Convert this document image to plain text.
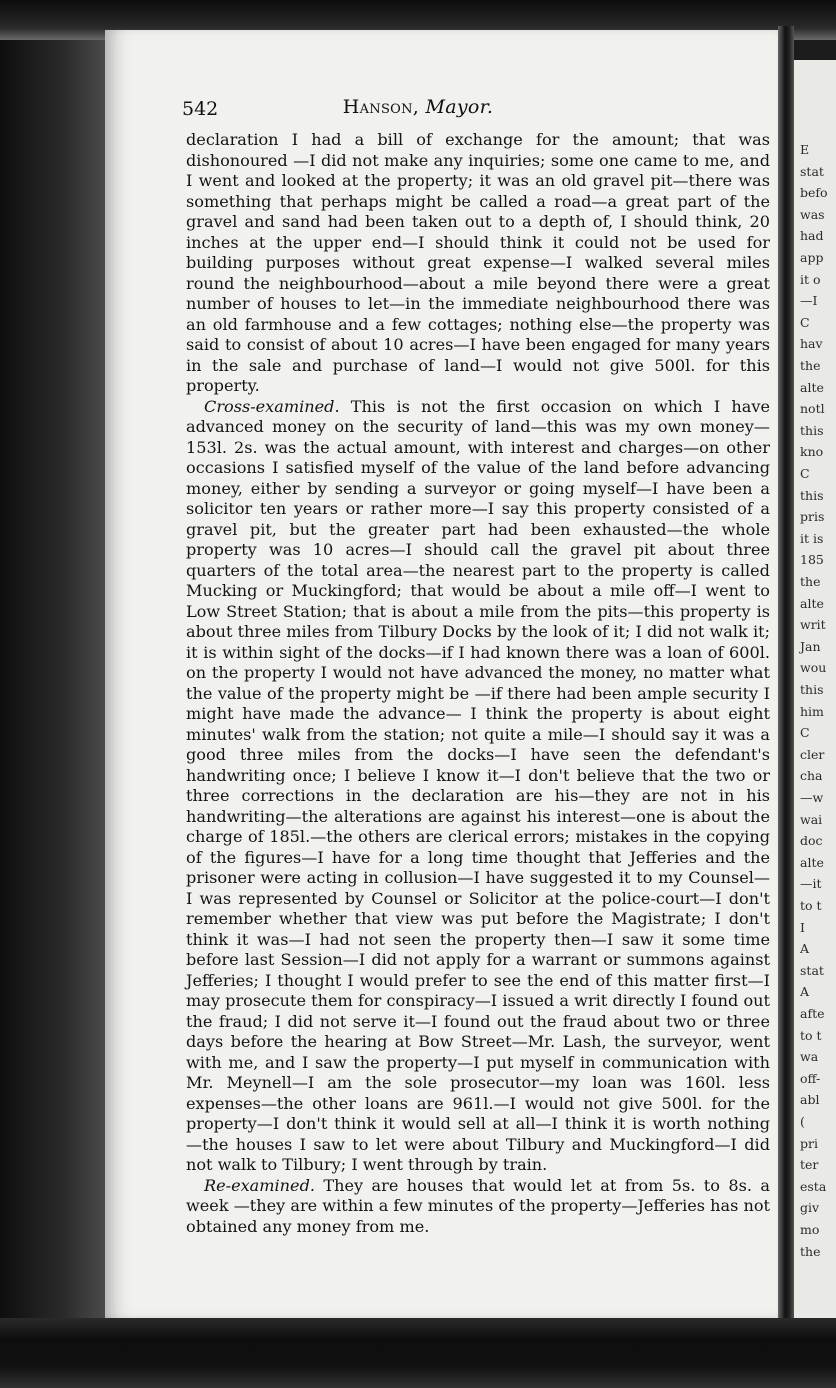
542	Hanson, Mayor.

declaration I had a bill of exchange for the amount; that was dishonoured —I did not make any inquiries; some one came to me, and I went and looked at the property; it was an old gravel pit—there was something that perhaps might be called a road—a great part of the gravel and sand had been taken out to a depth of, I should think, 20 inches at the upper end—I should think it could not be used for building purposes without great expense—I walked several miles round the neighbourhood—about a mile beyond there were a great number of houses to let—in the immediate neighbourhood there was an old farmhouse and a few cottages; nothing else—the property was said to consist of about 10 acres—I have been engaged for many years in the sale and purchase of land—I would not give 500l. for this property.

Cross-examined. This is not the first occasion on which I have advanced money on the security of land—this was my own money—153l. 2s. was the actual amount, with interest and charges—on other occasions I satisfied myself of the value of the land before advancing money, either by sending a surveyor or going myself—I have been a solicitor ten years or rather more—I say this property consisted of a gravel pit, but the greater part had been exhausted—the whole property was 10 acres—I should call the gravel pit about three quarters of the total area—the nearest part to the property is called Mucking or Muckingford; that would be about a mile off—I went to Low Street Station; that is about a mile from the pits—this property is about three miles from Tilbury Docks by the look of it; I did not walk it; it is within sight of the docks—if I had known there was a loan of 600l. on the property I would not have advanced the money, no matter what the value of the property might be —if there had been ample security I might have made the advance— I think the property is about eight minutes' walk from the station; not quite a mile—I should say it was a good three miles from the docks—I have seen the defendant's handwriting once; I believe I know it—I don't believe that the two or three corrections in the declaration are his—they are not in his handwriting—the alterations are against his interest—one is about the charge of 185l.—the others are clerical errors; mistakes in the copying of the figures—I have for a long time thought that Jefferies and the prisoner were acting in collusion—I have suggested it to my Counsel—I was represented by Counsel or Solicitor at the police-court—I don't remember whether that view was put before the Magistrate; I don't think it was—I had not seen the property then—I saw it some time before last Session—I did not apply for a warrant or summons against Jefferies; I thought I would prefer to see the end of this matter first—I may prosecute them for conspiracy—I issued a writ directly I found out the fraud; I did not serve it—I found out the fraud about two or three days before the hearing at Bow Street—Mr. Lash, the surveyor, went with me, and I saw the property—I put myself in communication with Mr. Meynell—I am the sole prosecutor—my loan was 160l. less expenses—the other loans are 961l.—I would not give 500l. for the property—I don't think it would sell at all—I think it is worth nothing —the houses I saw to let were about Tilbury and Muckingford—I did not walk to Tilbury; I went through by train.

Re-examined. They are houses that would let at from 5s. to 8s. a week —they are within a few minutes of the property—Jefferies has not obtained any money from me.

E
stat
befo
was
had
app
it o
—I
C
hav
the
alte
notl
this
kno
C
this
pris
it is
185
the
alte
writ
Jan
wou
this
him
C
cler
cha
—w
wai
doc
alte
—it
to t
I
A
stat
A
afte
to t
wa
off-
abl
(
pri
ter
esta
giv
mo
the
